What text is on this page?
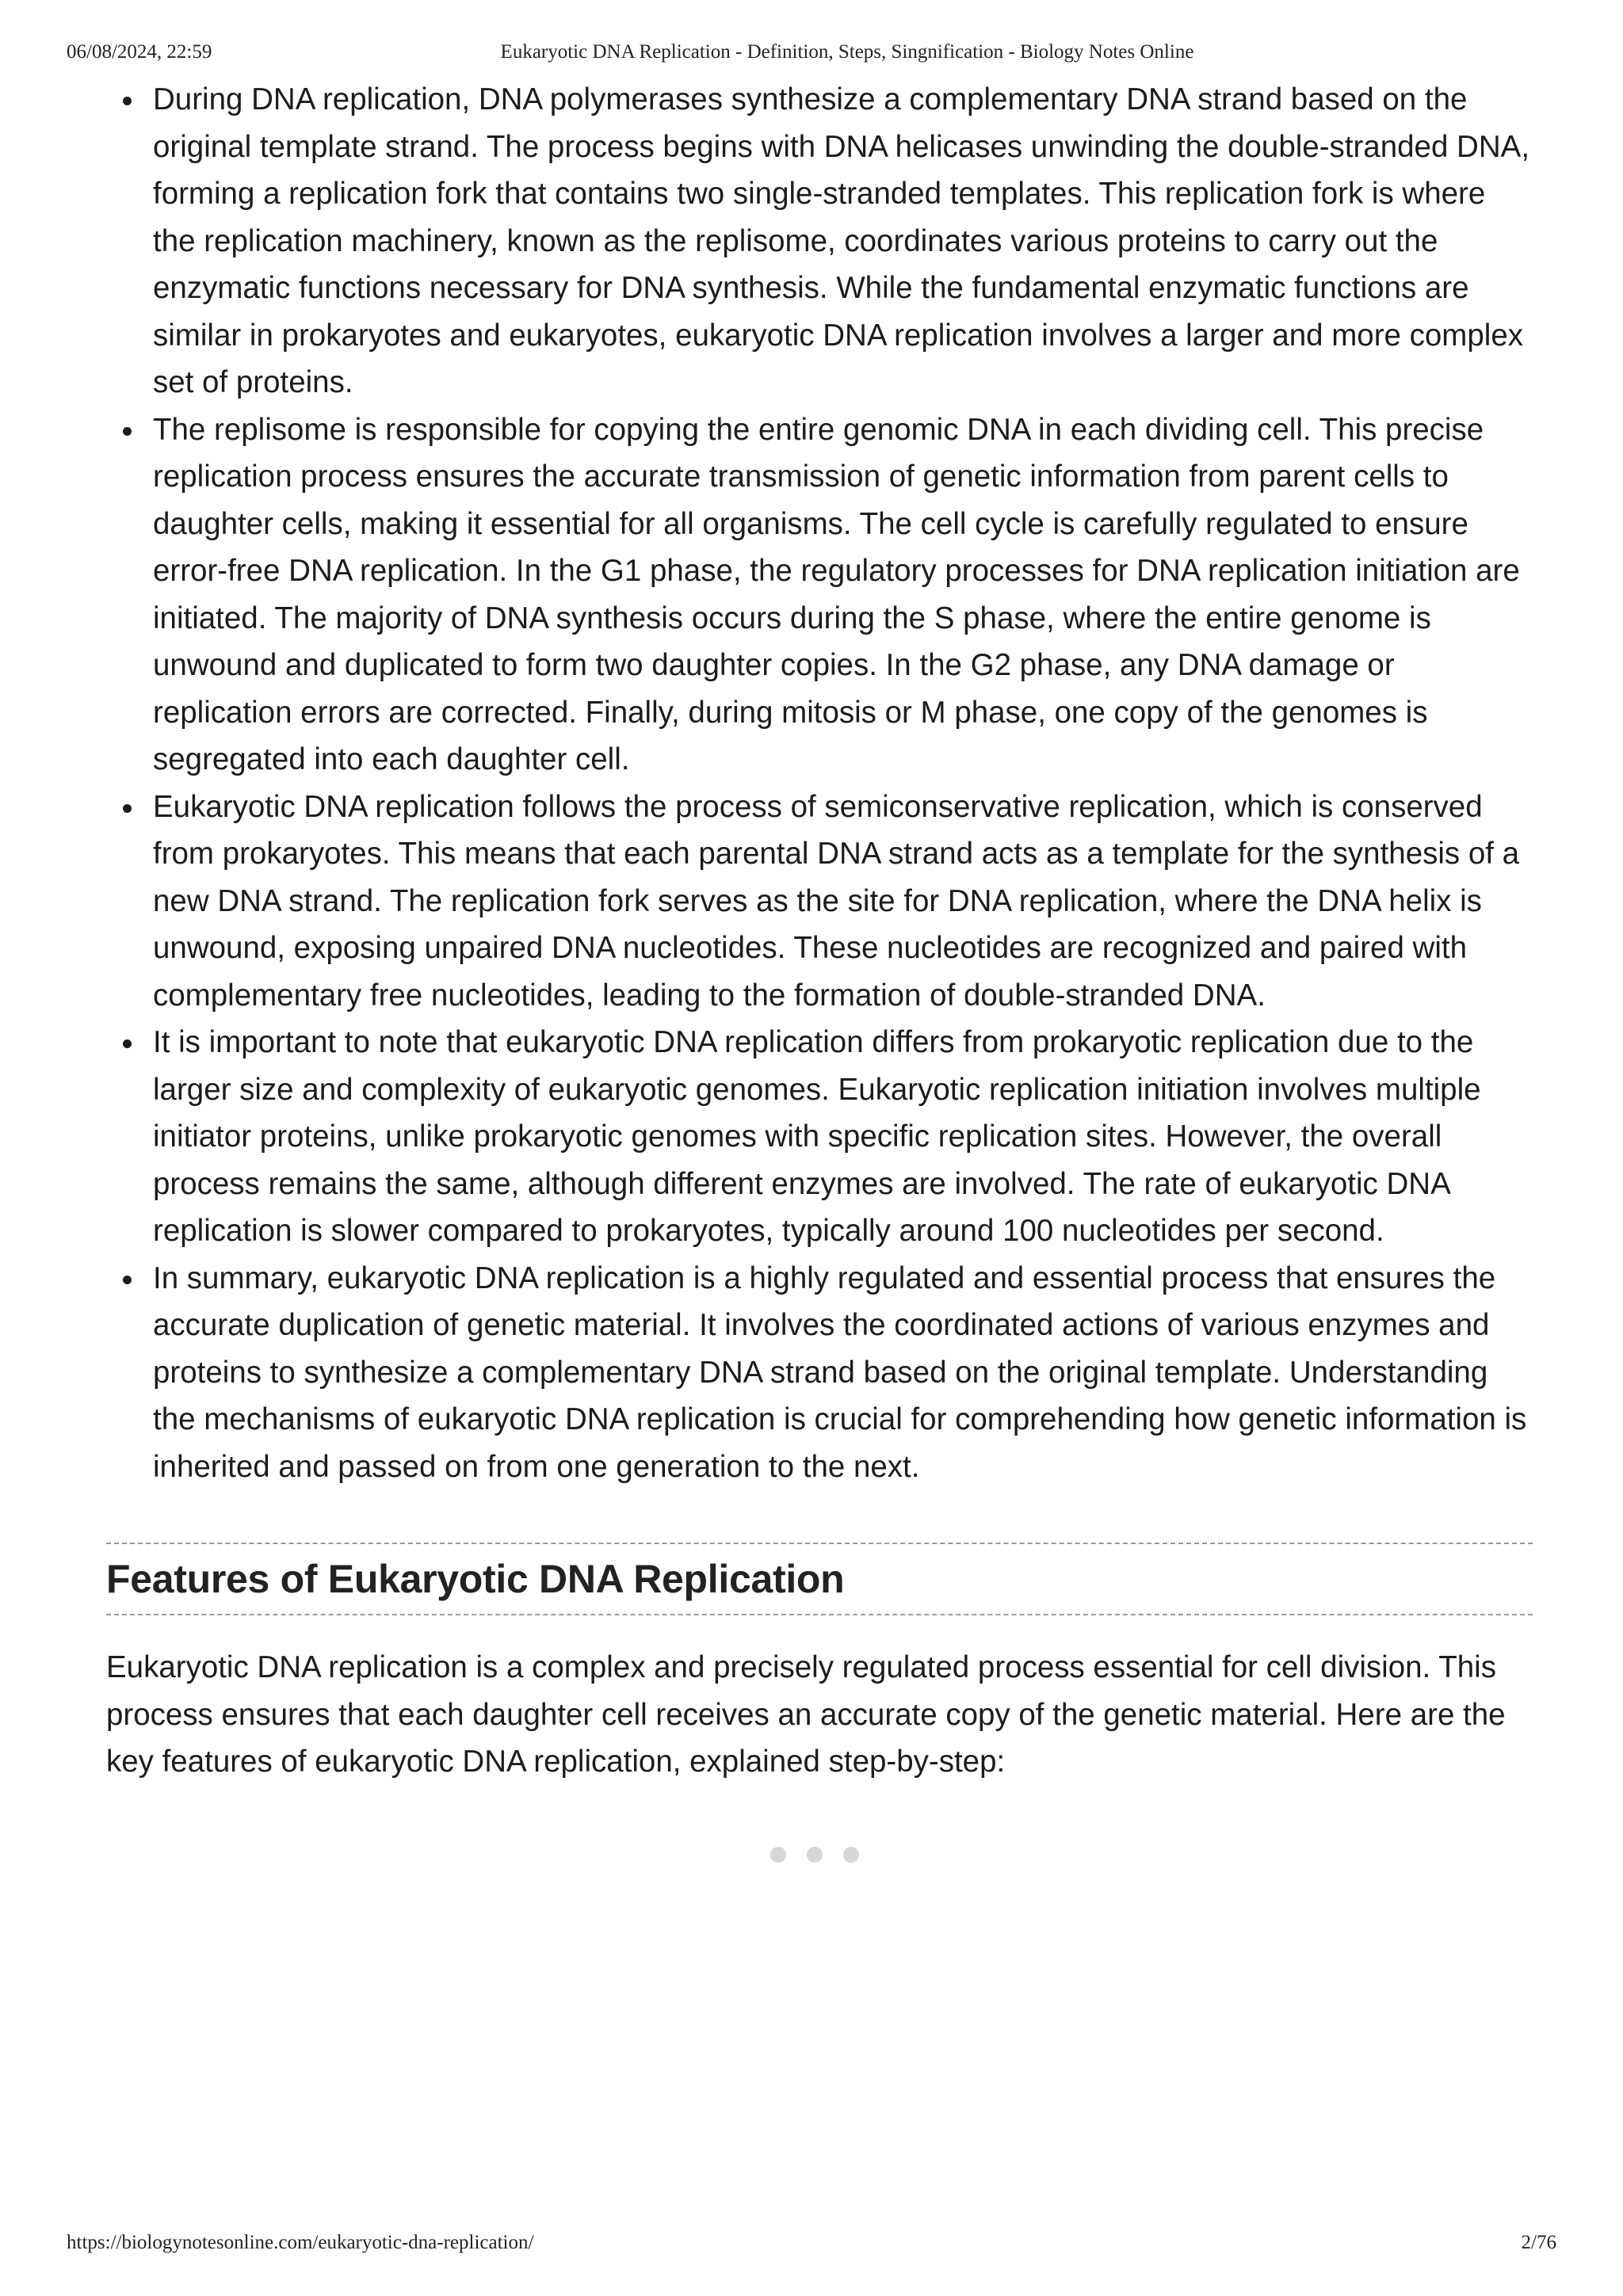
06/08/2024, 22:59	Eukaryotic DNA Replication - Definition, Steps, Singnification - Biology Notes Online
During DNA replication, DNA polymerases synthesize a complementary DNA strand based on the original template strand. The process begins with DNA helicases unwinding the double-stranded DNA, forming a replication fork that contains two single-stranded templates. This replication fork is where the replication machinery, known as the replisome, coordinates various proteins to carry out the enzymatic functions necessary for DNA synthesis. While the fundamental enzymatic functions are similar in prokaryotes and eukaryotes, eukaryotic DNA replication involves a larger and more complex set of proteins.
The replisome is responsible for copying the entire genomic DNA in each dividing cell. This precise replication process ensures the accurate transmission of genetic information from parent cells to daughter cells, making it essential for all organisms. The cell cycle is carefully regulated to ensure error-free DNA replication. In the G1 phase, the regulatory processes for DNA replication initiation are initiated. The majority of DNA synthesis occurs during the S phase, where the entire genome is unwound and duplicated to form two daughter copies. In the G2 phase, any DNA damage or replication errors are corrected. Finally, during mitosis or M phase, one copy of the genomes is segregated into each daughter cell.
Eukaryotic DNA replication follows the process of semiconservative replication, which is conserved from prokaryotes. This means that each parental DNA strand acts as a template for the synthesis of a new DNA strand. The replication fork serves as the site for DNA replication, where the DNA helix is unwound, exposing unpaired DNA nucleotides. These nucleotides are recognized and paired with complementary free nucleotides, leading to the formation of double-stranded DNA.
It is important to note that eukaryotic DNA replication differs from prokaryotic replication due to the larger size and complexity of eukaryotic genomes. Eukaryotic replication initiation involves multiple initiator proteins, unlike prokaryotic genomes with specific replication sites. However, the overall process remains the same, although different enzymes are involved. The rate of eukaryotic DNA replication is slower compared to prokaryotes, typically around 100 nucleotides per second.
In summary, eukaryotic DNA replication is a highly regulated and essential process that ensures the accurate duplication of genetic material. It involves the coordinated actions of various enzymes and proteins to synthesize a complementary DNA strand based on the original template. Understanding the mechanisms of eukaryotic DNA replication is crucial for comprehending how genetic information is inherited and passed on from one generation to the next.
Features of Eukaryotic DNA Replication

Eukaryotic DNA replication is a complex and precisely regulated process essential for cell division. This process ensures that each daughter cell receives an accurate copy of the genetic material. Here are the key features of eukaryotic DNA replication, explained step-by-step:

https://biologynotesonline.com/eukaryotic-dna-replication/	2/76
